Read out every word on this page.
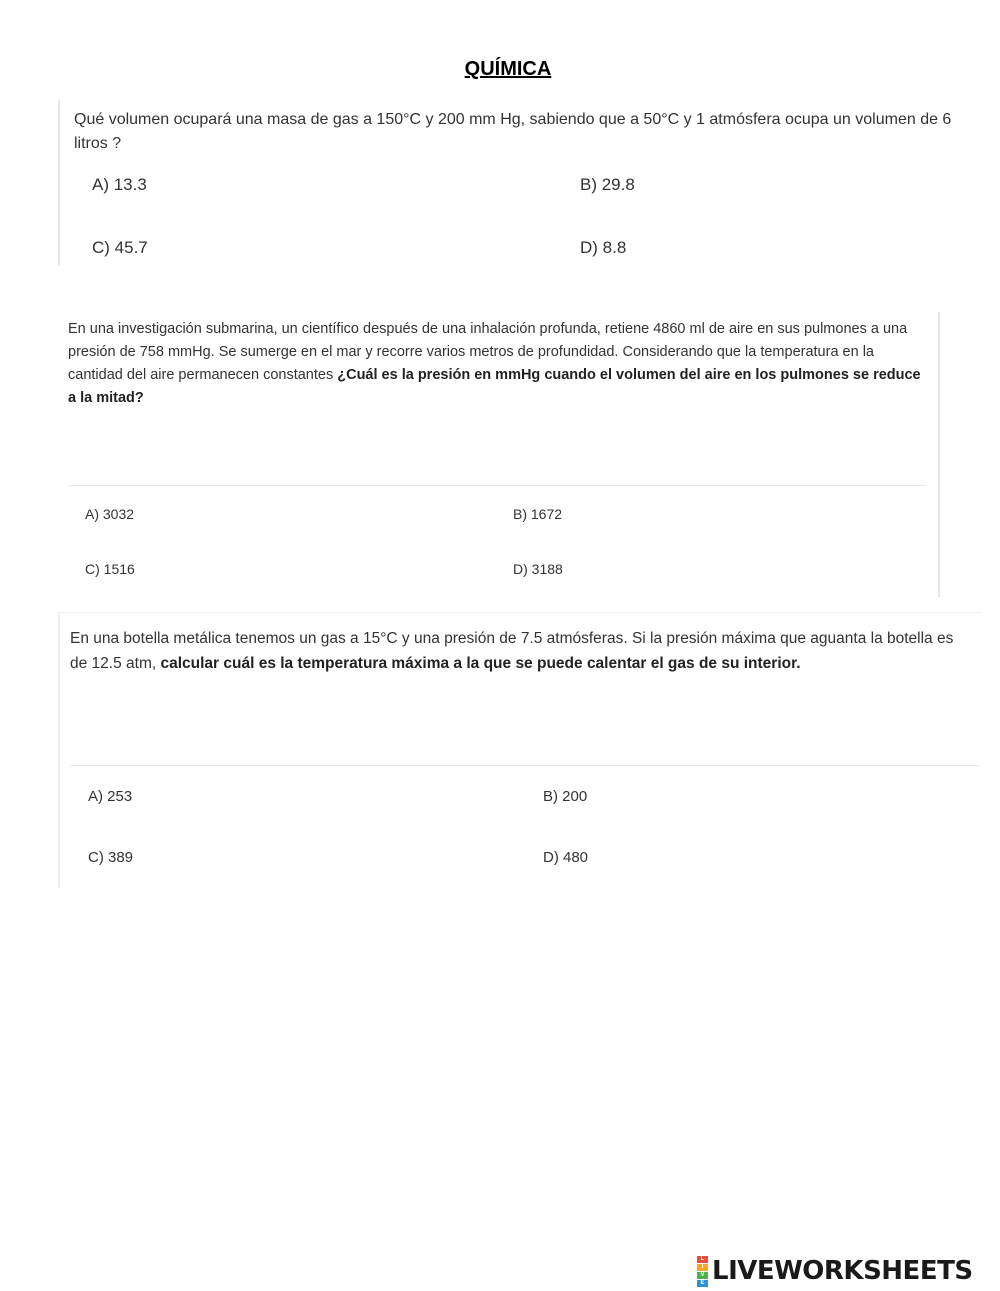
QUÍMICA
Qué volumen ocupará una masa de gas a 150°C y 200 mm Hg, sabiendo que a 50°C y 1 atmósfera ocupa un volumen de 6 litros ?
A) 13.3	B) 29.8
C) 45.7	D) 8.8
En una investigación submarina, un científico después de una inhalación profunda, retiene 4860 ml de aire en sus pulmones a una presión de 758 mmHg. Se sumerge en el mar y recorre varios metros de profundidad. Considerando que la temperatura en la cantidad del aire permanecen constantes ¿Cuál es la presión en mmHg cuando el volumen del aire en los pulmones se reduce a la mitad?
A) 3032	B) 1672
C) 1516	D) 3188
En una botella metálica tenemos un gas a 15°C y una presión de 7.5 atmósferas. Si la presión máxima que aguanta la botella es de 12.5 atm, calcular cuál es la temperatura máxima a la que se puede calentar el gas de su interior.
A) 253	B) 200
C) 389	D) 480
L
I
V
E LIVEWORKSHEETS
